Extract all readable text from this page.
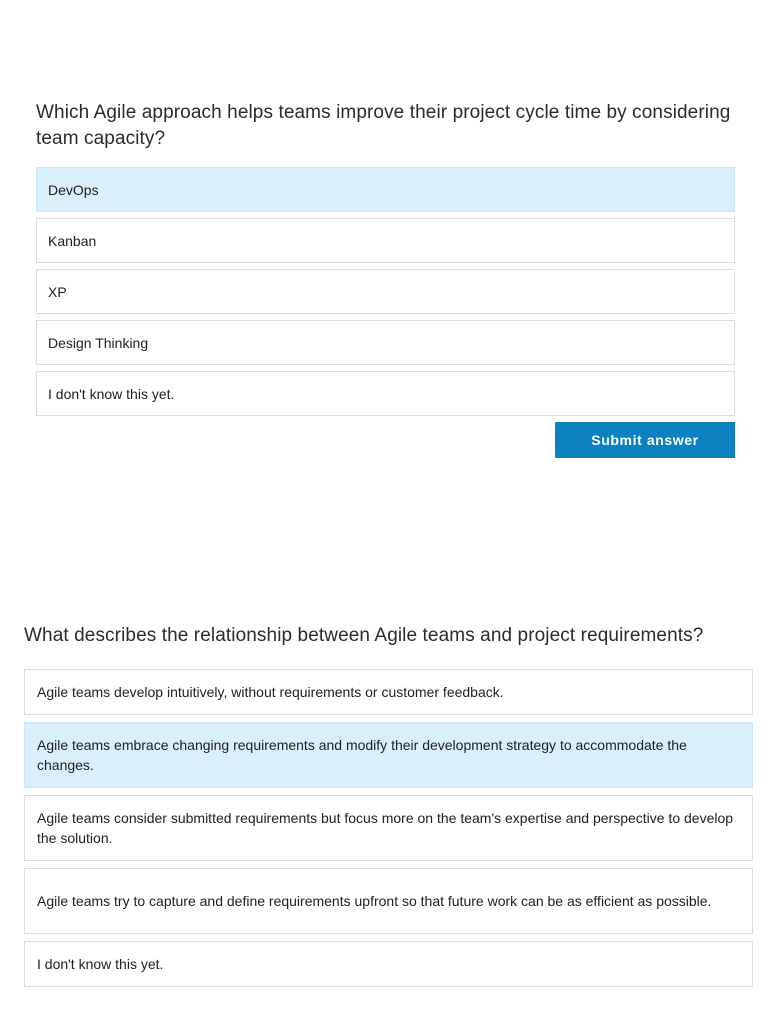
Which Agile approach helps teams improve their project cycle time by considering team capacity?
DevOps
Kanban
XP
Design Thinking
I don't know this yet.
Submit answer
What describes the relationship between Agile teams and project requirements?
Agile teams develop intuitively, without requirements or customer feedback.
Agile teams embrace changing requirements and modify their development strategy to accommodate the changes.
Agile teams consider submitted requirements but focus more on the team's expertise and perspective to develop the solution.
Agile teams try to capture and define requirements upfront so that future work can be as efficient as possible.
I don't know this yet.
